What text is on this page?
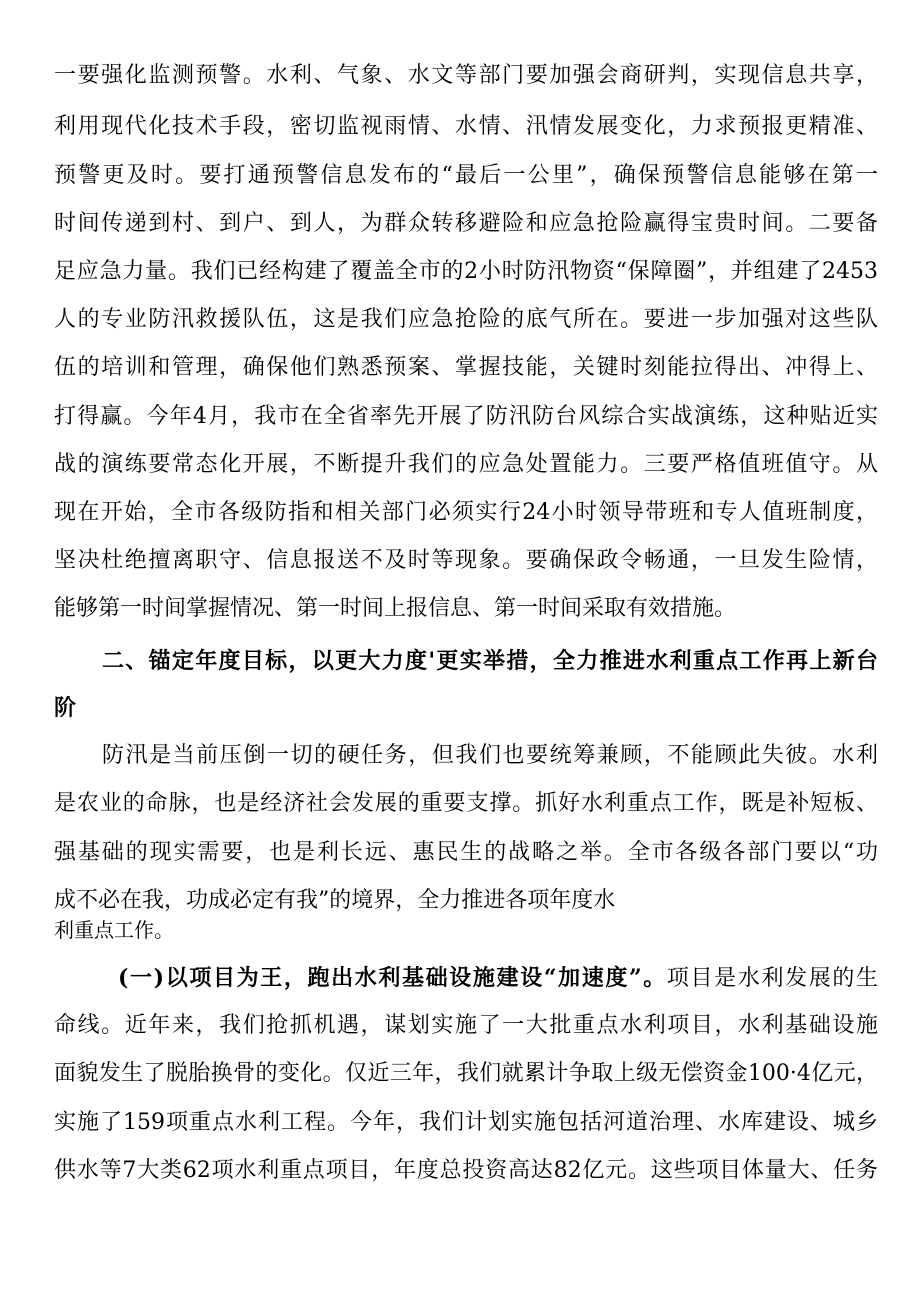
一要强化监测预警。水利、气象、水文等部门要加强会商研判，实现信息共享，
利用现代化技术手段，密切监视雨情、水情、汛情发展变化，力求预报更精准、
预警更及时。要打通预警信息发布的“最后一公里”，确保预警信息能够在第一
时间传递到村、到户、到人，为群众转移避险和应急抢险赢得宝贵时间。二要备
足应急力量。我们已经构建了覆盖全市的2小时防汛物资“保障圈”，并组建了2453
人的专业防汛救援队伍，这是我们应急抢险的底气所在。要进一步加强对这些队
伍的培训和管理，确保他们熟悉预案、掌握技能，关键时刻能拉得出、冲得上、
打得赢。今年4月，我市在全省率先开展了防汛防台风综合实战演练，这种贴近实
战的演练要常态化开展，不断提升我们的应急处置能力。三要严格值班值守。从
现在开始，全市各级防指和相关部门必须实行24小时领导带班和专人值班制度，
坚决杜绝擅离职守、信息报送不及时等现象。要确保政令畅通，一旦发生险情，
能够第一时间掌握情况、第一时间上报信息、第一时间采取有效措施。
二、锚定年度目标，以更大力度'更实举措，全力推进水利重点工作再上新台
阶
防汛是当前压倒一切的硬任务，但我们也要统筹兼顾，不能顾此失彼。水利
是农业的命脉，也是经济社会发展的重要支撑。抓好水利重点工作，既是补短板、
强基础的现实需要，也是利长远、惠民生的战略之举。全市各级各部门要以“功
成不必在我，功成必定有我”的境界，全力推进各项年度水
利重点工作。
(一)以项目为王，跑出水利基础设施建设“加速度”。项目是水利发展的生
命线。近年来，我们抢抓机遇，谋划实施了一大批重点水利项目，水利基础设施
面貌发生了脱胎换骨的变化。仅近三年，我们就累计争取上级无偿资金100·4亿元，
实施了159项重点水利工程。今年，我们计划实施包括河道治理、水库建设、城乡
供水等7大类62项水利重点项目，年度总投资高达82亿元。这些项目体量大、任务
